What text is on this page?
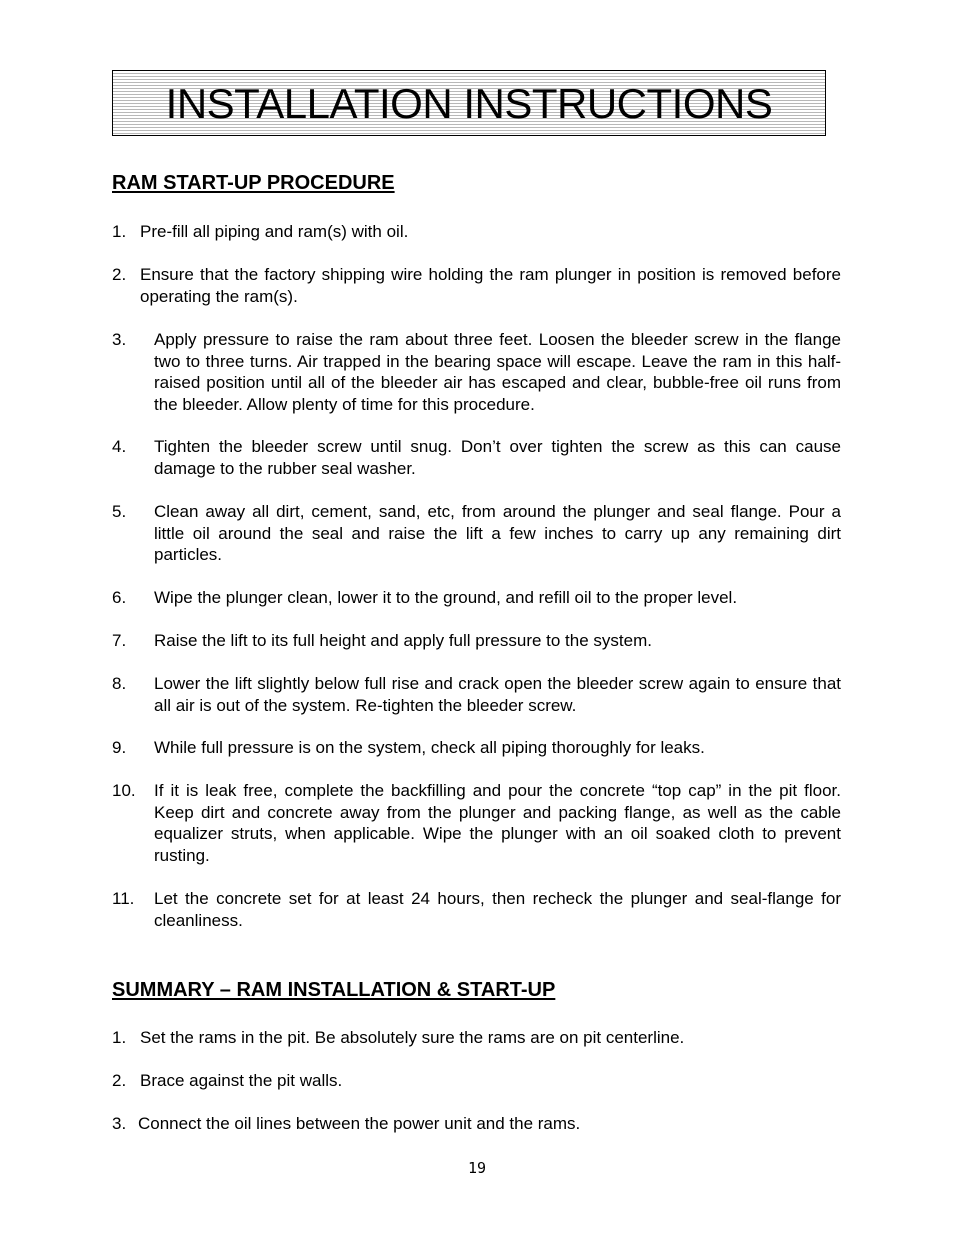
INSTALLATION INSTRUCTIONS
RAM START-UP PROCEDURE
1. Pre-fill all piping and ram(s) with oil.
2. Ensure that the factory shipping wire holding the ram plunger in position is removed before operating the ram(s).
3. Apply pressure to raise the ram about three feet. Loosen the bleeder screw in the flange two to three turns. Air trapped in the bearing space will escape. Leave the ram in this half-raised position until all of the bleeder air has escaped and clear, bubble-free oil runs from the bleeder. Allow plenty of time for this procedure.
4. Tighten the bleeder screw until snug. Don’t over tighten the screw as this can cause damage to the rubber seal washer.
5. Clean away all dirt, cement, sand, etc, from around the plunger and seal flange. Pour a little oil around the seal and raise the lift a few inches to carry up any remaining dirt particles.
6. Wipe the plunger clean, lower it to the ground, and refill oil to the proper level.
7. Raise the lift to its full height and apply full pressure to the system.
8. Lower the lift slightly below full rise and crack open the bleeder screw again to ensure that all air is out of the system. Re-tighten the bleeder screw.
9. While full pressure is on the system, check all piping thoroughly for leaks.
10. If it is leak free, complete the backfilling and pour the concrete “top cap” in the pit floor. Keep dirt and concrete away from the plunger and packing flange, as well as the cable equalizer struts, when applicable. Wipe the plunger with an oil soaked cloth to prevent rusting.
11. Let the concrete set for at least 24 hours, then recheck the plunger and seal-flange for cleanliness.
SUMMARY – RAM INSTALLATION & START-UP
1. Set the rams in the pit. Be absolutely sure the rams are on pit centerline.
2. Brace against the pit walls.
3. Connect the oil lines between the power unit and the rams.
19
